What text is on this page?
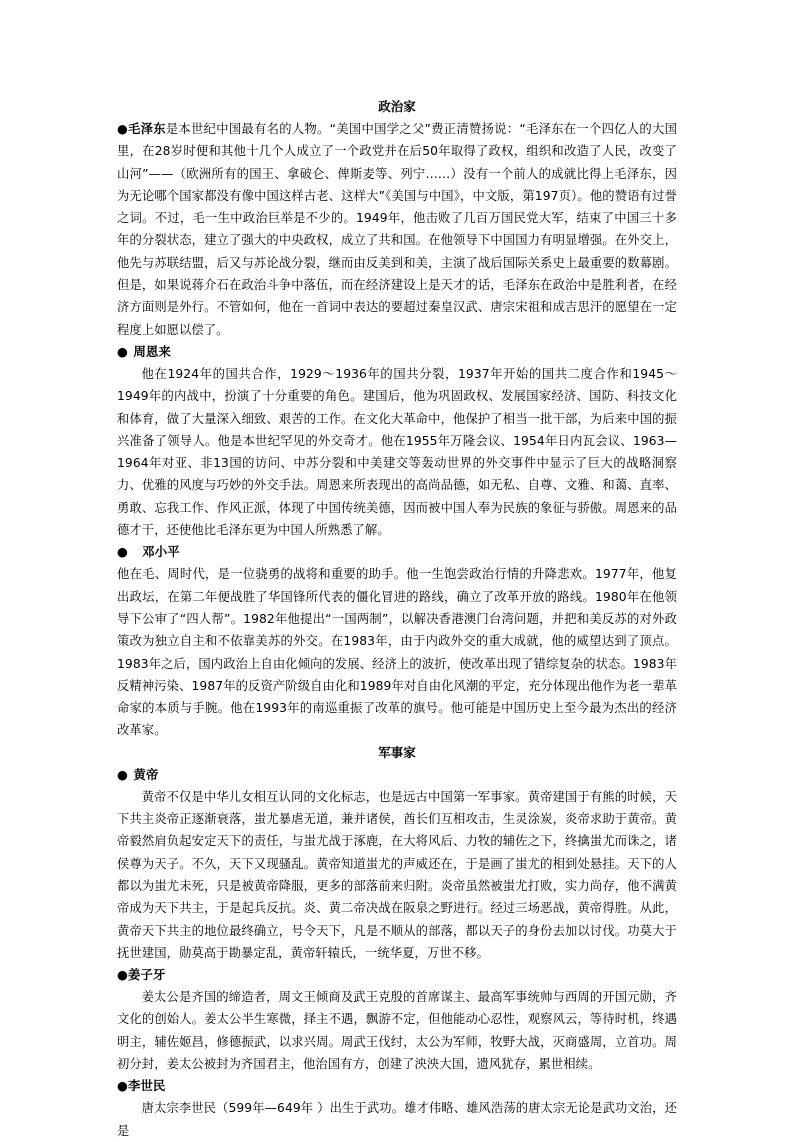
政治家

●毛泽东是本世纪中国最有名的人物。“美国中国学之父”费正清赞扬说：“毛泽东在一个四亿人的大国里，在28岁时便和其他十几个人成立了一个政党并在后50年取得了政权，组织和改造了人民，改变了山河”——（欧洲所有的国王、拿破仑、俾斯麦等、列宁……）没有一个前人的成就比得上毛泽东，因为无论哪个国家都没有像中国这样古老、这样大”《美国与中国》，中文版，第197页）。他的赞语有过誉之词。不过，毛一生中政治巨举是不少的。1949年，他击败了几百万国民党大军，结束了中国三十多年的分裂状态，建立了强大的中央政权，成立了共和国。在他领导下中国国力有明显增强。在外交上，他先与苏联结盟，后又与苏论战分裂，继而由反美到和美，主演了战后国际关系史上最重要的数幕剧。但是，如果说蒋介石在政治斗争中落伍，而在经济建设上是天才的话，毛泽东在政治中是胜利者，在经济方面则是外行。不管如何，他在一首词中表达的要超过秦皇汉武、唐宗宋祖和成吉思汗的愿望在一定程度上如愿以偿了。

● 周恩来

他在1924年的国共合作，1929～1936年的国共分裂，1937年开始的国共二度合作和1945～1949年的内战中，扮演了十分重要的角色。建国后，他为巩固政权、发展国家经济、国防、科技文化和体育，做了大量深入细致、艰苦的工作。在文化大革命中，他保护了相当一批干部，为后来中国的振兴准备了领导人。他是本世纪罕见的外交奇才。他在1955年万隆会议、1954年日内瓦会议、1963—1964年对亚、非13国的访问、中苏分裂和中美建交等轰动世界的外交事件中显示了巨大的战略洞察力、优雅的风度与巧妙的外交手法。周恩来所表现出的高尚品德，如无私、自尊、文雅、和蔼、直率、勇敢、忘我工作、作风正派，体现了中国传统美德，因而被中国人奉为民族的象征与骄傲。周恩来的品德才干，还使他比毛泽东更为中国人所熟悉了解。

● 邓小平

他在毛、周时代，是一位骁勇的战将和重要的助手。他一生饱尝政治行情的升降悲欢。1977年，他复出政坛，在第二年便战胜了华国锋所代表的僵化冒进的路线，确立了改革开放的路线。1980年在他领导下公审了“四人帮”。1982年他提出“一国两制”，以解决香港澳门台湾问题，并把和美反苏的对外政策改为独立自主和不依靠美苏的外交。在1983年，由于内政外交的重大成就，他的威望达到了顶点。1983年之后，国内政治上自由化倾向的发展、经济上的波折，使改革出现了错综复杂的状态。1983年反精神污染、1987年的反资产阶级自由化和1989年对自由化风潮的平定，充分体现出他作为老一辈革命家的本质与手腕。他在1993年的南巡重振了改革的旗号。他可能是中国历史上至今最为杰出的经济改革家。

军事家
● 黄帝

黄帝不仅是中华儿女相互认同的文化标志，也是远古中国第一军事家。黄帝建国于有熊的时候，天下共主炎帝正逐渐衰落，蚩尤暴虐无道，兼并诸侯，酋长们互相攻击，生灵涂炭，炎帝求助于黄帝。黄帝毅然肩负起安定天下的责任，与蚩尤战于涿鹿，在大将风后、力牧的辅佐之下，终擒蚩尤而诛之，诸侯尊为天子。不久，天下又现骚乱。黄帝知道蚩尤的声威还在，于是画了蚩尤的相到处悬挂。天下的人都以为蚩尤未死，只是被黄帝降服，更多的部落前来归附。炎帝虽然被蚩尤打败，实力尚存，他不满黄帝成为天下共主，于是起兵反抗。炎、黄二帝决战在阪泉之野进行。经过三场恶战，黄帝得胜。从此，黄帝天下共主的地位最终确立，号令天下，凡是不顺从的部落，都以天子的身份去加以讨伐。功莫大于抚世建国，勋莫高于勘暴定乱，黄帝轩辕氏，一统华夏，万世不移。

●姜子牙

姜太公是齐国的缔造者，周文王倾商及武王克殷的首席谋主、最高军事统帅与西周的开国元勋，齐文化的创始人。姜太公半生寒微，择主不遇，飘游不定，但他能动心忍性，观察风云，等待时机，终遇明主，辅佐姬昌，修德振武，以求兴周。周武王伐纣，太公为军师，牧野大战，灭商盛周，立首功。周初分封，姜太公被封为齐国君主，他治国有方，创建了泱泱大国，遗风犹存，累世相续。

●李世民

唐太宗李世民（599年—649年 ）出生于武功。雄才伟略、雄风浩荡的唐太宗无论是武功文治，还是
